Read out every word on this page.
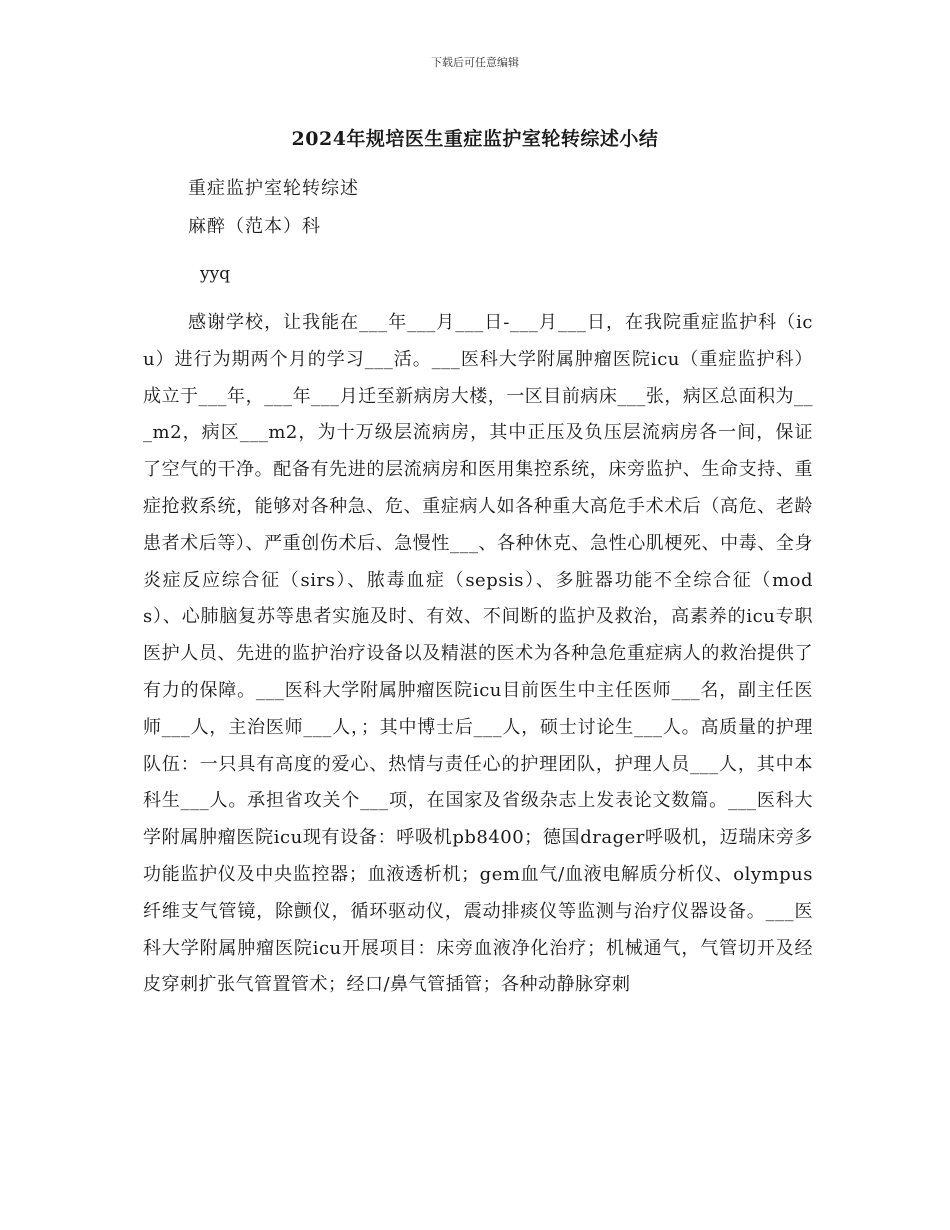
下载后可任意编辑
2024年规培医生重症监护室轮转综述小结
重症监护室轮转综述
麻醉（范本）科
yyq

感谢学校，让我能在___年___月___日-___月___日，在我院重症监护科（icu）进行为期两个月的学习___活。___医科大学附属肿瘤医院icu（重症监护科）成立于___年，___年___月迁至新病房大楼，一区目前病床___张，病区总面积为___m2，病区___m2，为十万级层流病房，其中正压及负压层流病房各一间，保证了空气的干净。配备有先进的层流病房和医用集控系统，床旁监护、生命支持、重症抢救系统，能够对各种急、危、重症病人如各种重大高危手术术后（高危、老龄患者术后等）、严重创伤术后、急慢性___、各种休克、急性心肌梗死、中毒、全身炎症反应综合征（sirs）、脓毒血症（sepsis）、多脏器功能不全综合征（mods）、心肺脑复苏等患者实施及时、有效、不间断的监护及救治，高素养的icu专职医护人员、先进的监护治疗设备以及精湛的医术为各种急危重症病人的救治提供了有力的保障。___医科大学附属肿瘤医院icu目前医生中主任医师___名，副主任医师___人，主治医师___人，；其中博士后___人，硕士讨论生___人。高质量的护理队伍：一只具有高度的爱心、热情与责任心的护理团队，护理人员___人，其中本科生___人。承担省攻关个___项，在国家及省级杂志上发表论文数篇。___医科大学附属肿瘤医院icu现有设备：呼吸机pb8400；德国drager呼吸机，迈瑞床旁多功能监护仪及中央监控器；血液透析机；gem血气/血液电解质分析仪、olympus纤维支气管镜，除颤仪，循环驱动仪，震动排痰仪等监测与治疗仪器设备。___医科大学附属肿瘤医院icu开展项目：床旁血液净化治疗；机械通气，气管切开及经皮穿刺扩张气管置管术；经口/鼻气管插管；各种动静脉穿刺
